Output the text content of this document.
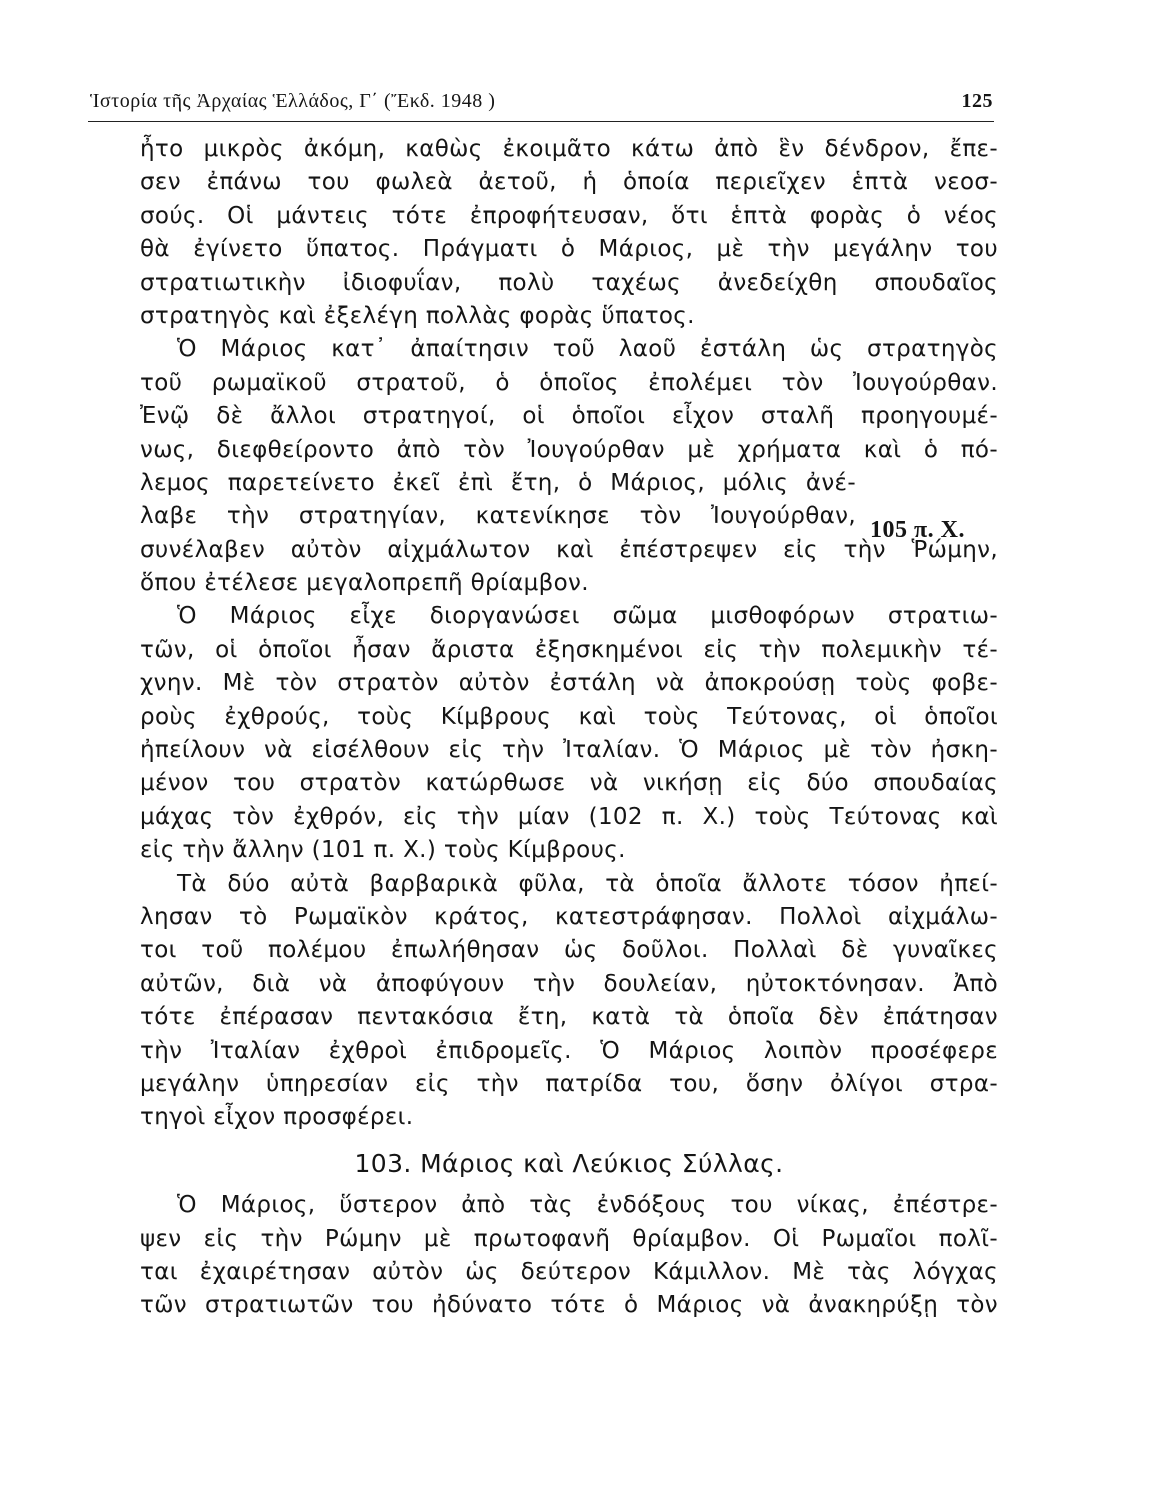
Ἱστορία τῆς Ἀρχαίας Ἑλλάδος, Γ΄ (Ἔκδ. 1948 )	125
105 π. Χ.
ἦτο μικρὸς ἀκόμη, καθὼς ἐκοιμᾶτο κάτω ἀπὸ ἓν δένδρον, ἔπε-
σεν ἐπάνω του φωλεὰ ἀετοῦ, ἡ ὁποία περιεῖχεν ἑπτὰ νεοσ-
σούς. Οἱ μάντεις τότε ἐπροφήτευσαν, ὅτι ἑπτὰ φορὰς ὁ νέος
θὰ ἐγίνετο ὕπατος. Πράγματι ὁ Μάριος, μὲ τὴν μεγάλην του
στρατιωτικὴν ἰδιοφυΐαν, πολὺ ταχέως ἀνεδείχθη σπουδαῖος
στρατηγὸς καὶ ἐξελέγη πολλὰς φορὰς ὕπατος.
Ὁ Μάριος κατ᾽ ἀπαίτησιν τοῦ λαοῦ ἐστάλη ὡς στρατηγὸς
τοῦ ρωμαϊκοῦ στρατοῦ, ὁ ὁποῖος ἐπολέμει τὸν Ἰουγούρθαν.
Ἐνῷ δὲ ἄλλοι στρατηγοί, οἱ ὁποῖοι εἶχον σταλῆ προηγουμέ-
νως, διεφθείροντο ἀπὸ τὸν Ἰουγούρθαν μὲ χρήματα καὶ ὁ πό-
λεμος παρετείνετο ἐκεῖ ἐπὶ ἔτη, ὁ Μάριος, μόλις ἀνέ-
λαβε τὴν στρατηγίαν, κατενίκησε τὸν Ἰουγούρθαν,
συνέλαβεν αὐτὸν αἰχμάλωτον καὶ ἐπέστρεψεν εἰς τὴν Ῥώμην,
ὅπου ἐτέλεσε μεγαλοπρεπῆ θρίαμβον.
Ὁ Μάριος εἶχε διοργανώσει σῶμα μισθοφόρων στρατιω-
τῶν, οἱ ὁποῖοι ἦσαν ἄριστα ἐξησκημένοι εἰς τὴν πολεμικὴν τέ-
χνην. Μὲ τὸν στρατὸν αὐτὸν ἐστάλη νὰ ἀποκρούσῃ τοὺς φοβε-
ροὺς ἐχθρούς, τοὺς Κίμβρους καὶ τοὺς Τεύτονας, οἱ ὁποῖοι
ἠπείλουν νὰ εἰσέλθουν εἰς τὴν Ἰταλίαν. Ὁ Μάριος μὲ τὸν ἠσκη-
μένον του στρατὸν κατώρθωσε νὰ νικήσῃ εἰς δύο σπουδαίας
μάχας τὸν ἐχθρόν, εἰς τὴν μίαν (102 π. Χ.) τοὺς Τεύτονας καὶ
εἰς τὴν ἄλλην (101 π. Χ.) τοὺς Κίμβρους.
Τὰ δύο αὐτὰ βαρβαρικὰ φῦλα, τὰ ὁποῖα ἄλλοτε τόσον ἠπεί-
λησαν τὸ Ρωμαϊκὸν κράτος, κατεστράφησαν. Πολλοὶ αἰχμάλω-
τοι τοῦ πολέμου ἐπωλήθησαν ὡς δοῦλοι. Πολλαὶ δὲ γυναῖκες
αὐτῶν, διὰ νὰ ἀποφύγουν τὴν δουλείαν, ηὐτοκτόνησαν. Ἀπὸ
τότε ἐπέρασαν πεντακόσια ἔτη, κατὰ τὰ ὁποῖα δὲν ἐπάτησαν
τὴν Ἰταλίαν ἐχθροὶ ἐπιδρομεῖς. Ὁ Μάριος λοιπὸν προσέφερε
μεγάλην ὑπηρεσίαν εἰς τὴν πατρίδα του, ὅσην ὀλίγοι στρα-
τηγοὶ εἶχον προσφέρει.
103. Μάριος καὶ Λεύκιος Σύλλας.
Ὁ Μάριος, ὕστερον ἀπὸ τὰς ἐνδόξους του νίκας, ἐπέστρε-
ψεν εἰς τὴν Ρώμην μὲ πρωτοφανῆ θρίαμβον. Οἱ Ρωμαῖοι πολῖ-
ται ἐχαιρέτησαν αὐτὸν ὡς δεύτερον Κάμιλλον. Μὲ τὰς λόγχας
τῶν στρατιωτῶν του ἠδύνατο τότε ὁ Μάριος νὰ ἀνακηρύξῃ τὸν
